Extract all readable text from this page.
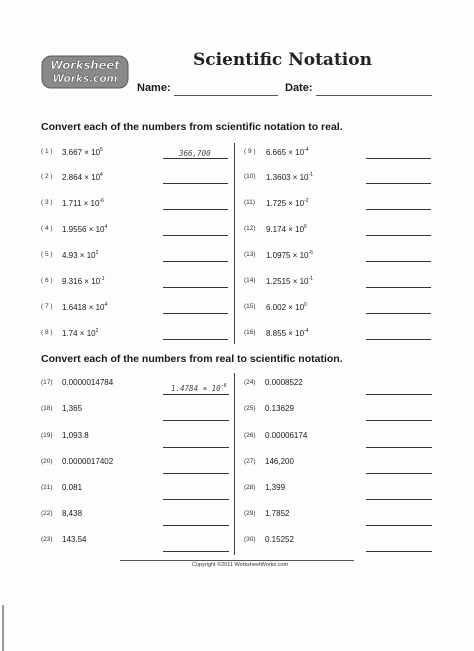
Worksheet
Works.com
Scientific Notation
Name:	Date:
Convert each of the numbers from scientific notation to real.
( 1 ) $3.667 \times 10^5$	366,700
( 2 ) $2.864 \times 10^4$
( 3 ) $1.711 \times 10^{-6}$
( 4 ) $1.9556 \times 10^4$
( 5 ) $4.93 \times 10^2$
( 6 ) $9.316 \times 10^{-1}$
( 7 ) $1.6418 \times 10^4$
( 8 ) $1.74 \times 10^2$
( 9 ) $6.665 \times 10^{-4}$
(10) $1.3603 \times 10^{-1}$
(11) $1.725 \times 10^{-2}$
(12) $9.174 \times 10^6$
(13) $1.0975 \times 10^{-6}$
(14) $1.2515 \times 10^{-1}$
(15) $6.002 \times 10^0$
(16) $8.855 \times 10^{-4}$
Convert each of the numbers from real to scientific notation.
(17) 0.0000014784
$1.4784 \times 10^{-6}$
(18) 1,365
(19) 1,093.8
(20) 0.0000017402
(21) 0.081
(22) 8,438
(23) 143.54
(24) 0.0008522
(25) 0.13629
(26) 0.00006174
(27) 146,200
(28) 1,399
(29) 1.7852
(30) 0.15252
Copyright ©2011 WorksheetWorks.com
